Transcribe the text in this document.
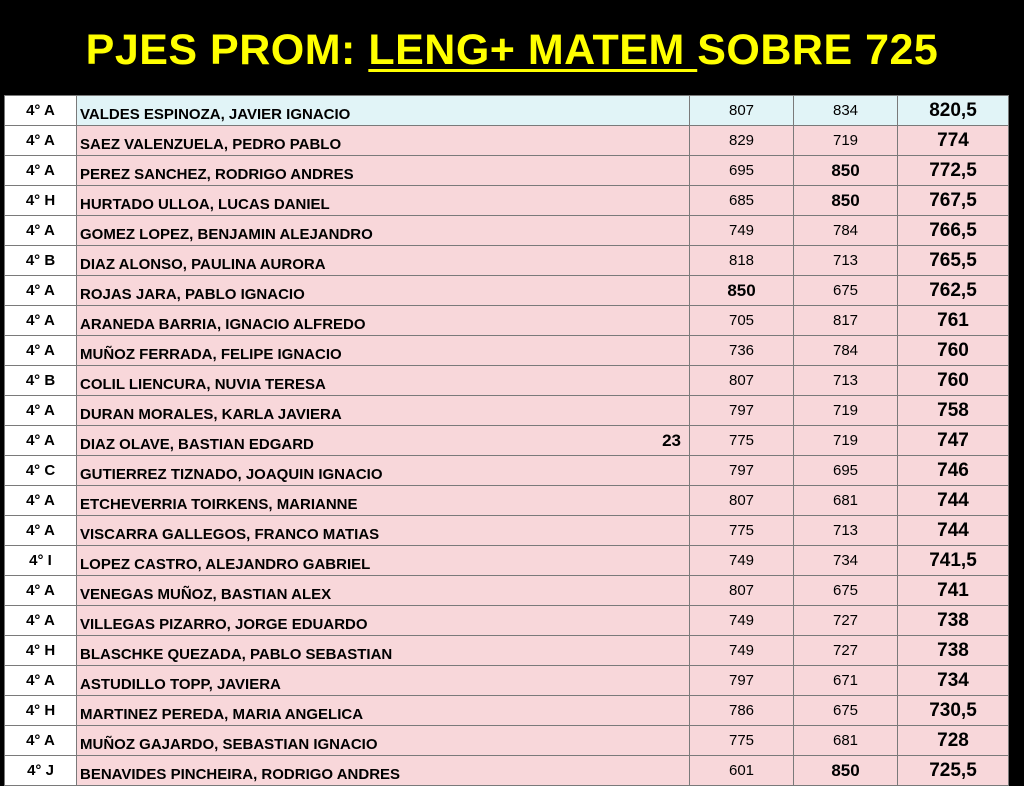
PJES PROM: LENG+ MATEM SOBRE 725
4° A	VALDES ESPINOZA, JAVIER IGNACIO	807	834	820,5
4° A	SAEZ VALENZUELA, PEDRO PABLO	829	719	774
4° A	PEREZ SANCHEZ, RODRIGO ANDRES	695	850	772,5
4° H	HURTADO ULLOA, LUCAS DANIEL	685	850	767,5
4° A	GOMEZ LOPEZ, BENJAMIN ALEJANDRO	749	784	766,5
4° B	DIAZ ALONSO, PAULINA AURORA	818	713	765,5
4° A	ROJAS JARA, PABLO IGNACIO	850	675	762,5
4° A	ARANEDA BARRIA, IGNACIO ALFREDO	705	817	761
4° A	MUÑOZ FERRADA, FELIPE IGNACIO	736	784	760
4° B	COLIL LIENCURA, NUVIA TERESA	807	713	760
4° A	DURAN MORALES, KARLA JAVIERA	797	719	758
4° A	DIAZ OLAVE, BASTIAN EDGARD 23	775	719	747
4° C	GUTIERREZ TIZNADO, JOAQUIN IGNACIO	797	695	746
4° A	ETCHEVERRIA TOIRKENS, MARIANNE	807	681	744
4° A	VISCARRA GALLEGOS, FRANCO MATIAS	775	713	744
4° I	LOPEZ CASTRO, ALEJANDRO GABRIEL	749	734	741,5
4° A	VENEGAS MUÑOZ, BASTIAN ALEX	807	675	741
4° A	VILLEGAS PIZARRO, JORGE EDUARDO	749	727	738
4° H	BLASCHKE QUEZADA, PABLO SEBASTIAN	749	727	738
4° A	ASTUDILLO TOPP, JAVIERA	797	671	734
4° H	MARTINEZ PEREDA, MARIA ANGELICA	786	675	730,5
4° A	MUÑOZ GAJARDO, SEBASTIAN IGNACIO	775	681	728
4° J	BENAVIDES PINCHEIRA, RODRIGO ANDRES	601	850	725,5
